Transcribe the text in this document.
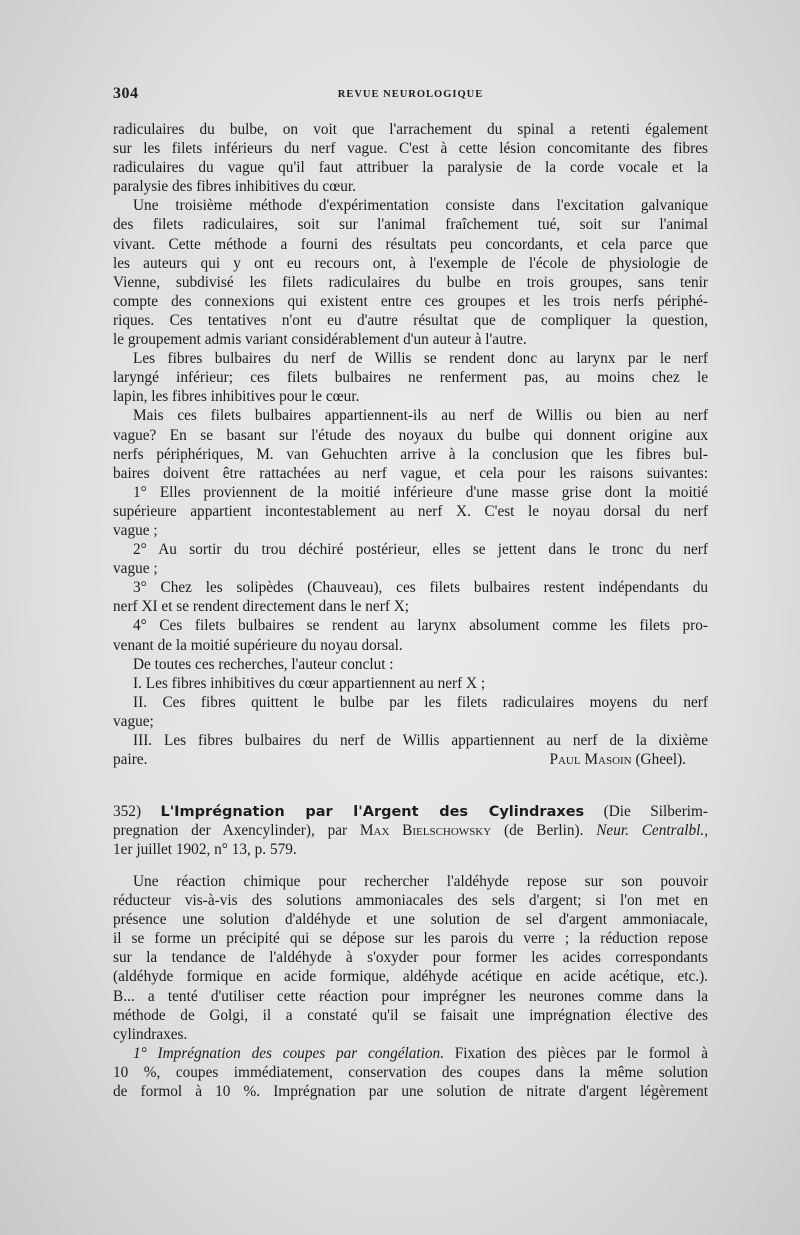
304	REVUE NEUROLOGIQUE
radiculaires du bulbe, on voit que l'arrachement du spinal a retenti également
sur les filets inférieurs du nerf vague. C'est à cette lésion concomitante des fibres
radiculaires du vague qu'il faut attribuer la paralysie de la corde vocale et la
paralysie des fibres inhibitives du cœur.
Une troisième méthode d'expérimentation consiste dans l'excitation galvanique
des filets radiculaires, soit sur l'animal fraîchement tué, soit sur l'animal
vivant. Cette méthode a fourni des résultats peu concordants, et cela parce que
les auteurs qui y ont eu recours ont, à l'exemple de l'école de physiologie de
Vienne, subdivisé les filets radiculaires du bulbe en trois groupes, sans tenir
compte des connexions qui existent entre ces groupes et les trois nerfs périphé-
riques. Ces tentatives n'ont eu d'autre résultat que de compliquer la question,
le groupement admis variant considérablement d'un auteur à l'autre.
Les fibres bulbaires du nerf de Willis se rendent donc au larynx par le nerf
laryngé inférieur; ces filets bulbaires ne renferment pas, au moins chez le
lapin, les fibres inhibitives pour le cœur.
Mais ces filets bulbaires appartiennent-ils au nerf de Willis ou bien au nerf
vague? En se basant sur l'étude des noyaux du bulbe qui donnent origine aux
nerfs périphériques, M. van Gehuchten arrive à la conclusion que les fibres bul-
baires doivent être rattachées au nerf vague, et cela pour les raisons suivantes:
1° Elles proviennent de la moitié inférieure d'une masse grise dont la moitié
supérieure appartient incontestablement au nerf X. C'est le noyau dorsal du nerf
vague ;
2° Au sortir du trou déchiré postérieur, elles se jettent dans le tronc du nerf
vague ;
3° Chez les solipèdes (Chauveau), ces filets bulbaires restent indépendants du
nerf XI et se rendent directement dans le nerf X;
4° Ces filets bulbaires se rendent au larynx absolument comme les filets pro-
venant de la moitié supérieure du noyau dorsal.
De toutes ces recherches, l'auteur conclut :
I. Les fibres inhibitives du cœur appartiennent au nerf X ;
II. Ces fibres quittent le bulbe par les filets radiculaires moyens du nerf
vague;
III. Les fibres bulbaires du nerf de Willis appartiennent au nerf de la dixième
paire.	Paul Masoin (Gheel).
352) L'Imprégnation par l'Argent des Cylindraxes (Die Silberim-
pregnation der Axencylinder), par Max Bielschowsky (de Berlin). Neur. Centralbl.,
1er juillet 1902, n° 13, p. 579.
Une réaction chimique pour rechercher l'aldéhyde repose sur son pouvoir
réducteur vis-à-vis des solutions ammoniacales des sels d'argent; si l'on met en
présence une solution d'aldéhyde et une solution de sel d'argent ammoniacale,
il se forme un précipité qui se dépose sur les parois du verre ; la réduction repose
sur la tendance de l'aldéhyde à s'oxyder pour former les acides correspondants
(aldéhyde formique en acide formique, aldéhyde acétique en acide acétique, etc.).
B... a tenté d'utiliser cette réaction pour imprégner les neurones comme dans la
méthode de Golgi, il a constaté qu'il se faisait une imprégnation élective des
cylindraxes.
1° Imprégnation des coupes par congélation. Fixation des pièces par le formol à
10 %, coupes immédiatement, conservation des coupes dans la même solution
de formol à 10 %. Imprégnation par une solution de nitrate d'argent légèrement
